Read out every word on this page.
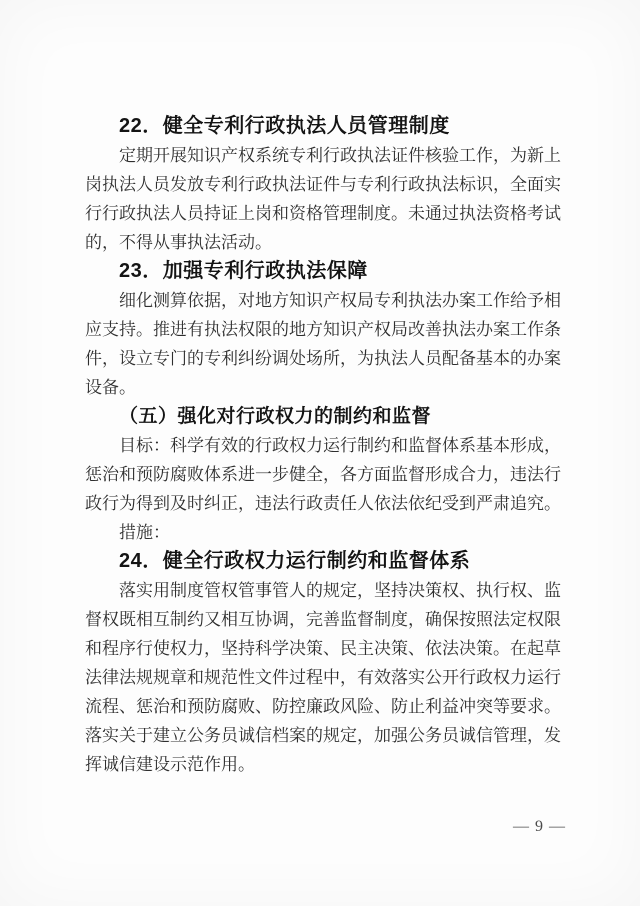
22．健全专利行政执法人员管理制度
定期开展知识产权系统专利行政执法证件核验工作，为新上岗执法人员发放专利行政执法证件与专利行政执法标识，全面实行行政执法人员持证上岗和资格管理制度。未通过执法资格考试的，不得从事执法活动。
23．加强专利行政执法保障
细化测算依据，对地方知识产权局专利执法办案工作给予相应支持。推进有执法权限的地方知识产权局改善执法办案工作条件，设立专门的专利纠纷调处场所，为执法人员配备基本的办案设备。
（五）强化对行政权力的制约和监督
目标：科学有效的行政权力运行制约和监督体系基本形成，惩治和预防腐败体系进一步健全，各方面监督形成合力，违法行政行为得到及时纠正，违法行政责任人依法依纪受到严肃追究。
措施：
24．健全行政权力运行制约和监督体系
落实用制度管权管事管人的规定，坚持决策权、执行权、监督权既相互制约又相互协调，完善监督制度，确保按照法定权限和程序行使权力，坚持科学决策、民主决策、依法决策。在起草法律法规规章和规范性文件过程中，有效落实公开行政权力运行流程、惩治和预防腐败、防控廉政风险、防止利益冲突等要求。落实关于建立公务员诚信档案的规定，加强公务员诚信管理，发挥诚信建设示范作用。
— 9 —
